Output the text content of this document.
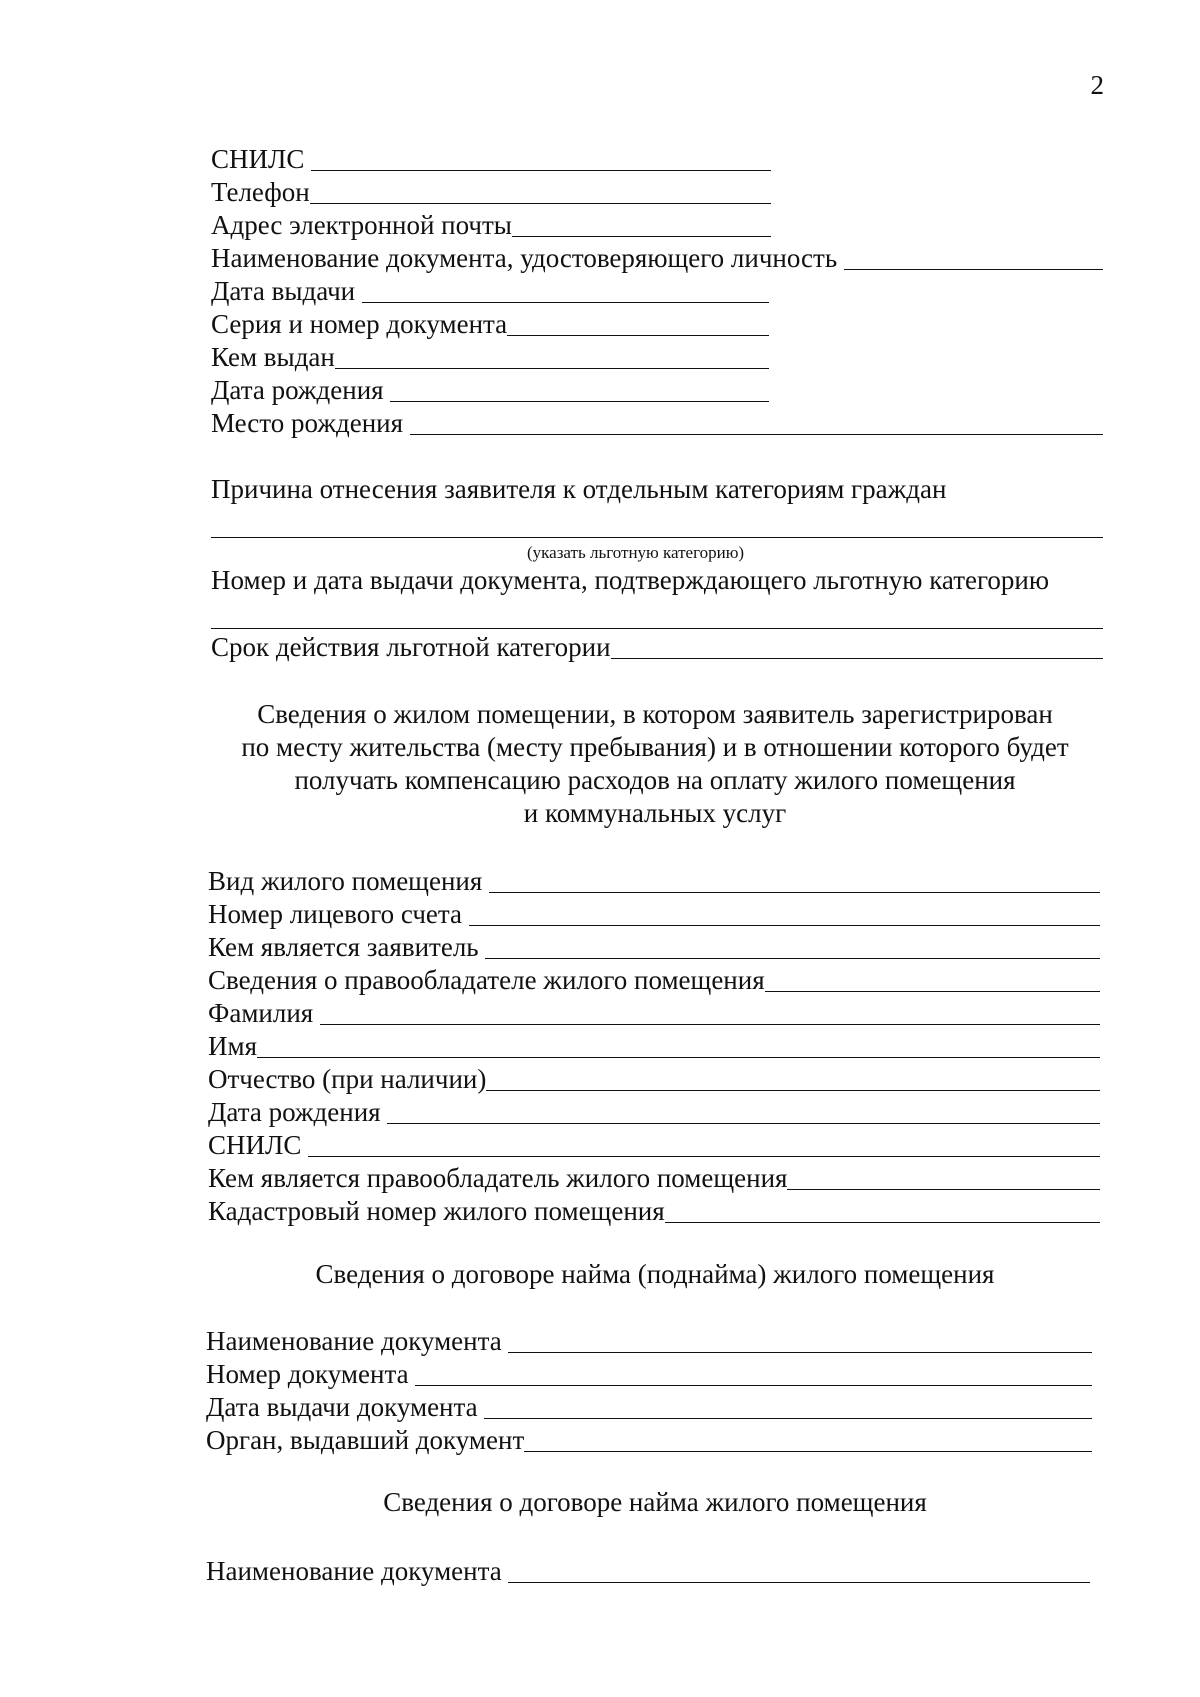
2
СНИЛС
Телефон
Адрес электронной почты
Наименование документа, удостоверяющего личность
Дата выдачи
Серия и номер документа
Кем выдан
Дата рождения
Место рождения
Причина отнесения заявителя к отдельным категориям граждан
(указать льготную категорию)
Номер и дата выдачи документа, подтверждающего льготную категорию
Срок действия льготной категории
Сведения о жилом помещении, в котором заявитель зарегистрирован
по месту жительства (месту пребывания) и в отношении которого будет
получать компенсацию расходов на оплату жилого помещения
и коммунальных услуг
Вид жилого помещения
Номер лицевого счета
Кем является заявитель
Сведения о правообладателе жилого помещения
Фамилия
Имя
Отчество (при наличии)
Дата рождения
СНИЛС
Кем является правообладатель жилого помещения
Кадастровый номер жилого помещения
Сведения о договоре найма (поднайма) жилого помещения
Наименование документа
Номер документа
Дата выдачи документа
Орган, выдавший документ
Сведения о договоре найма жилого помещения
Наименование документа
